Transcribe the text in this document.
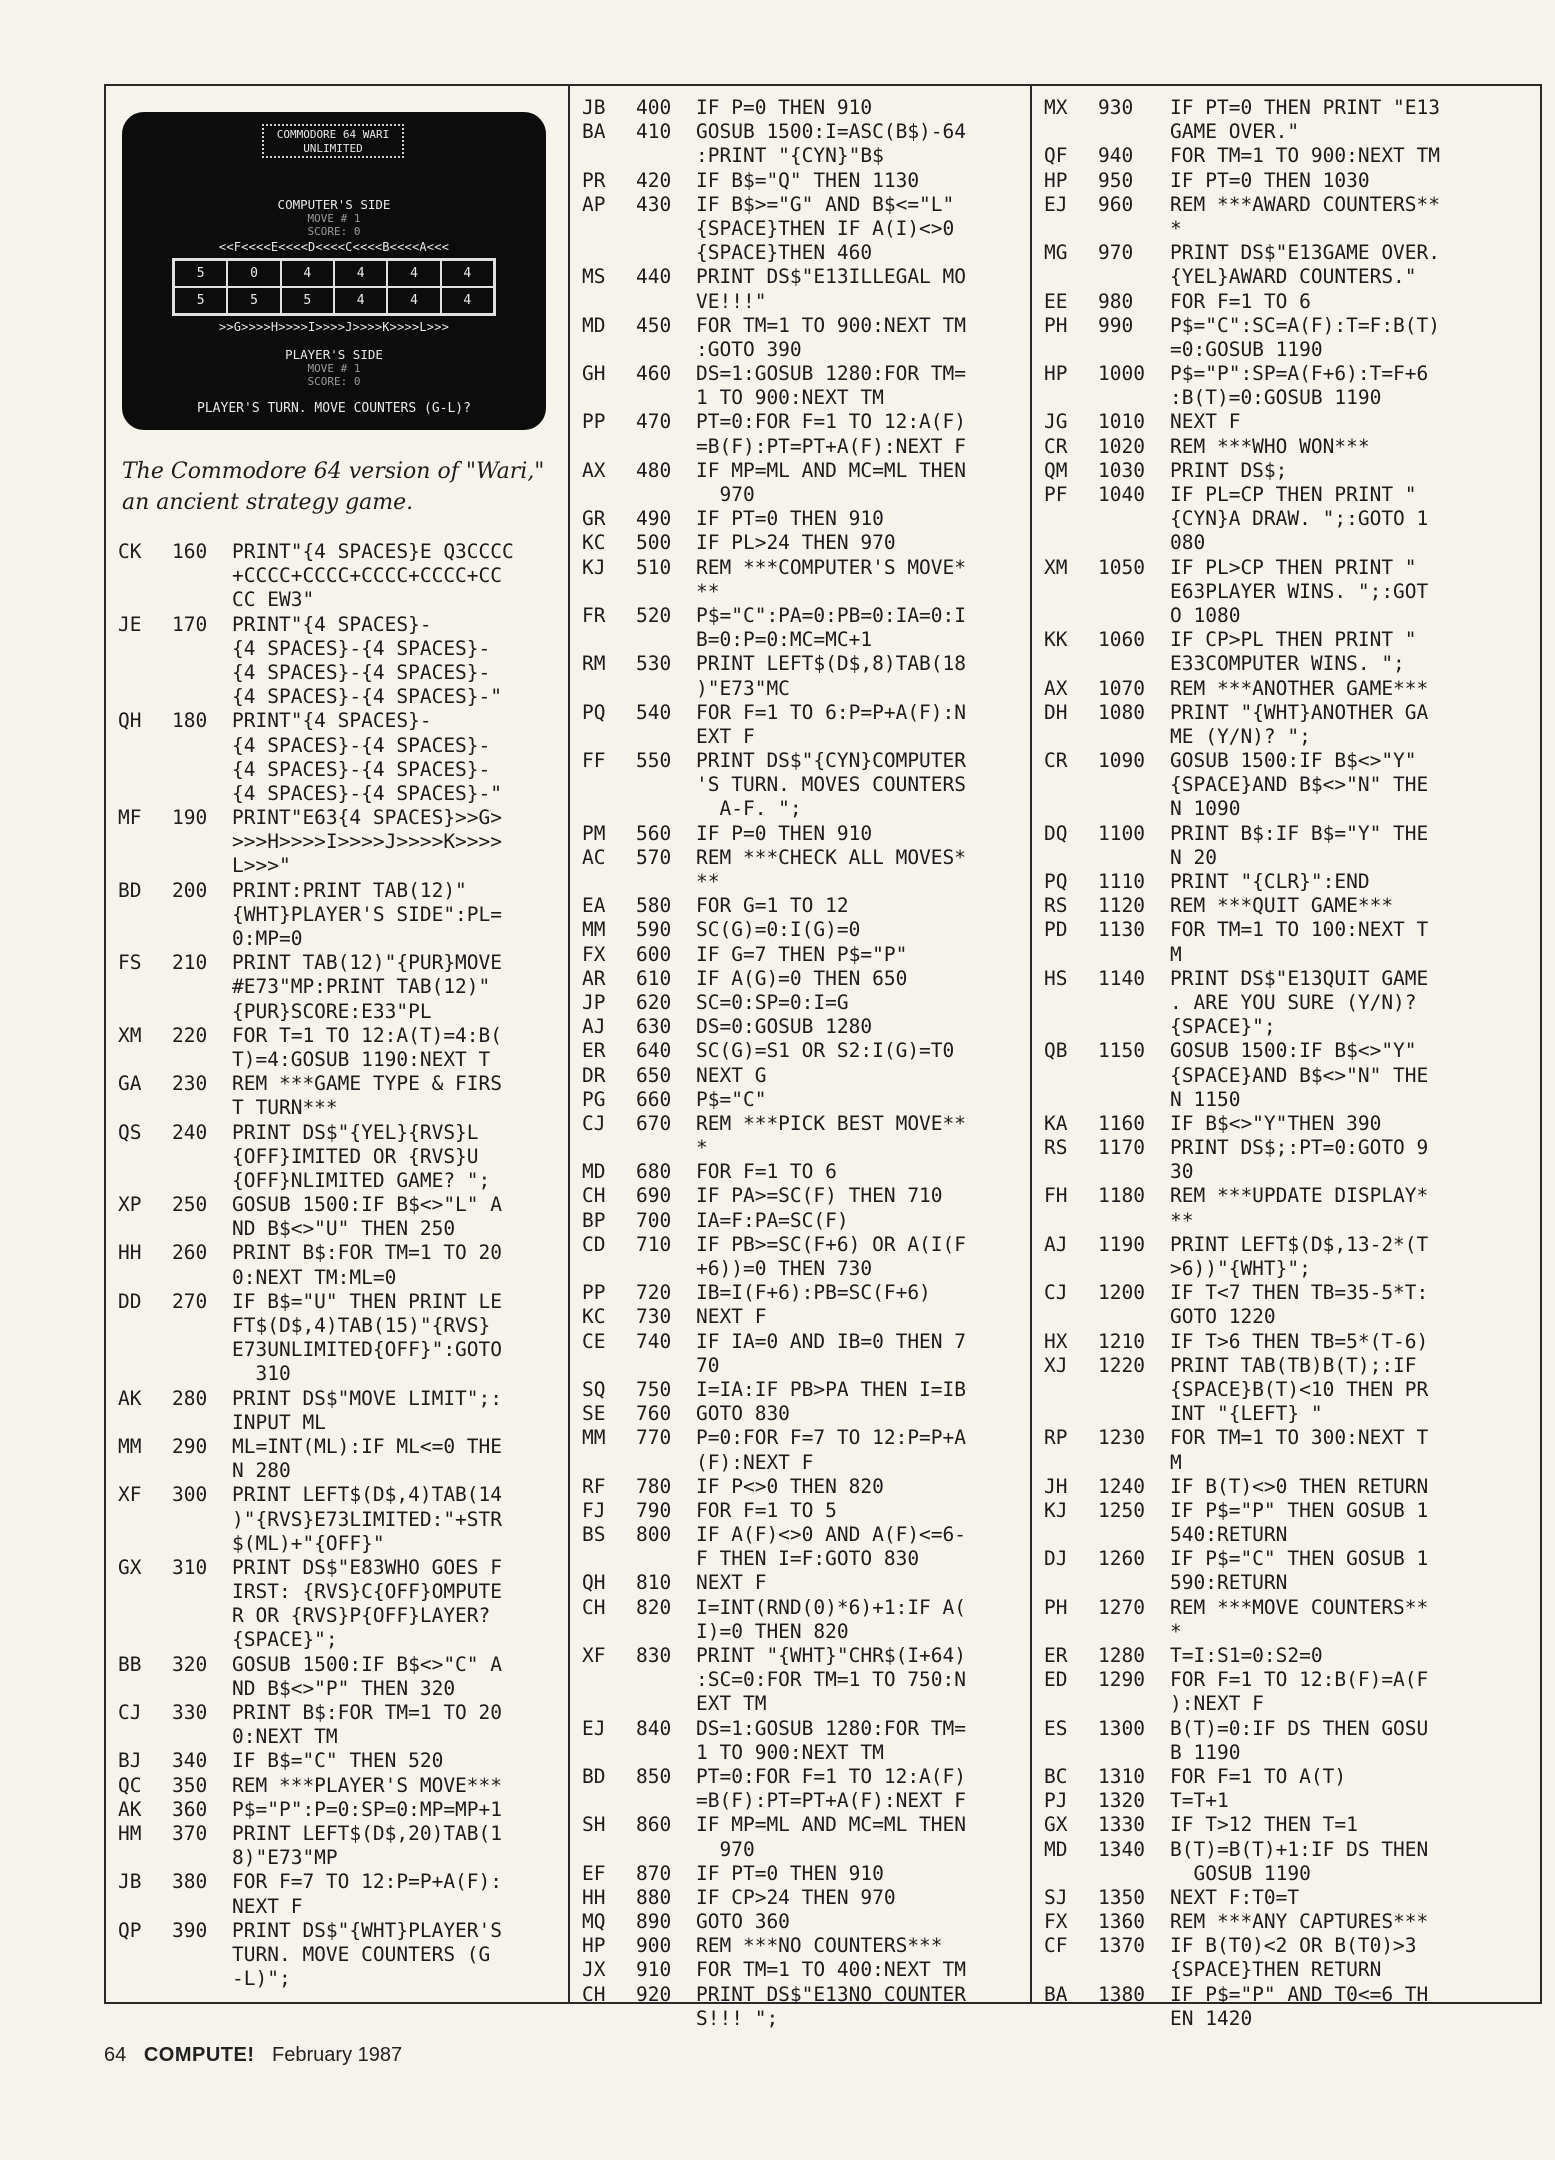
COMMODORE 64 WARI
UNLIMITED
COMPUTER'S SIDE
MOVE # 1
SCORE: 0
<<F<<<<E<<<<D<<<<C<<<<B<<<<A<<<
5	0	4	4	4	4
5	5	5	4	4	4
>>G>>>>H>>>>I>>>>J>>>>K>>>>L>>>
PLAYER'S SIDE
MOVE # 1
SCORE: 0
PLAYER'S TURN. MOVE COUNTERS (G-L)?
The Commodore 64 version of "Wari," an ancient strategy game.
CK	160	PRINT"{4 SPACES}E Q3CCCC
+CCCC+CCCC+CCCC+CCCC+CC
CC EW3"
JE	170	PRINT"{4 SPACES}-
{4 SPACES}-{4 SPACES}-
{4 SPACES}-{4 SPACES}-
{4 SPACES}-{4 SPACES}-"
QH	180	PRINT"{4 SPACES}-
{4 SPACES}-{4 SPACES}-
{4 SPACES}-{4 SPACES}-
{4 SPACES}-{4 SPACES}-"
MF	190	PRINT"E63{4 SPACES}>>G>
>>>H>>>>I>>>>J>>>>K>>>>
L>>>"
BD	200	PRINT:PRINT TAB(12)"
{WHT}PLAYER'S SIDE":PL=
0:MP=0
FS	210	PRINT TAB(12)"{PUR}MOVE
#E73"MP:PRINT TAB(12)"
{PUR}SCORE:E33"PL
XM	220	FOR T=1 TO 12:A(T)=4:B(
T)=4:GOSUB 1190:NEXT T
GA	230	REM ***GAME TYPE & FIRS
T TURN***
QS	240	PRINT DS$"{YEL}{RVS}L
{OFF}IMITED OR {RVS}U
{OFF}NLIMITED GAME? ";
XP	250	GOSUB 1500:IF B$<>"L" A
ND B$<>"U" THEN 250
HH	260	PRINT B$:FOR TM=1 TO 20
0:NEXT TM:ML=0
DD	270	IF B$="U" THEN PRINT LE
FT$(D$,4)TAB(15)"{RVS}
E73UNLIMITED{OFF}":GOTO
310
AK	280	PRINT DS$"MOVE LIMIT";:
INPUT ML
MM	290	ML=INT(ML):IF ML<=0 THE
N 280
XF	300	PRINT LEFT$(D$,4)TAB(14
)"{RVS}E73LIMITED:"+STR
$(ML)+"{OFF}"
GX	310	PRINT DS$"E83WHO GOES F
IRST: {RVS}C{OFF}OMPUTE
R OR {RVS}P{OFF}LAYER?
{SPACE}";
BB	320	GOSUB 1500:IF B$<>"C" A
ND B$<>"P" THEN 320
CJ	330	PRINT B$:FOR TM=1 TO 20
0:NEXT TM
BJ	340	IF B$="C" THEN 520
QC	350	REM ***PLAYER'S MOVE***
AK	360	P$="P":P=0:SP=0:MP=MP+1
HM	370	PRINT LEFT$(D$,20)TAB(1
8)"E73"MP
JB	380	FOR F=7 TO 12:P=P+A(F):
NEXT F
QP	390	PRINT DS$"{WHT}PLAYER'S
TURN. MOVE COUNTERS (G
-L)";
JB	400	IF P=0 THEN 910
BA	410	GOSUB 1500:I=ASC(B$)-64
:PRINT "{CYN}"B$
PR	420	IF B$="Q" THEN 1130
AP	430	IF B$>="G" AND B$<="L"
{SPACE}THEN IF A(I)<>0
{SPACE}THEN 460
MS	440	PRINT DS$"E13ILLEGAL MO
VE!!!"
MD	450	FOR TM=1 TO 900:NEXT TM
:GOTO 390
GH	460	DS=1:GOSUB 1280:FOR TM=
1 TO 900:NEXT TM
PP	470	PT=0:FOR F=1 TO 12:A(F)
=B(F):PT=PT+A(F):NEXT F
AX	480	IF MP=ML AND MC=ML THEN
970
GR	490	IF PT=0 THEN 910
KC	500	IF PL>24 THEN 970
KJ	510	REM ***COMPUTER'S MOVE*
**
FR	520	P$="C":PA=0:PB=0:IA=0:I
B=0:P=0:MC=MC+1
RM	530	PRINT LEFT$(D$,8)TAB(18
)"E73"MC
PQ	540	FOR F=1 TO 6:P=P+A(F):N
EXT F
FF	550	PRINT DS$"{CYN}COMPUTER
'S TURN. MOVES COUNTERS
A-F. ";
PM	560	IF P=0 THEN 910
AC	570	REM ***CHECK ALL MOVES*
**
EA	580	FOR G=1 TO 12
MM	590	SC(G)=0:I(G)=0
FX	600	IF G=7 THEN P$="P"
AR	610	IF A(G)=0 THEN 650
JP	620	SC=0:SP=0:I=G
AJ	630	DS=0:GOSUB 1280
ER	640	SC(G)=S1 OR S2:I(G)=T0
DR	650	NEXT G
PG	660	P$="C"
CJ	670	REM ***PICK BEST MOVE**
*
MD	680	FOR F=1 TO 6
CH	690	IF PA>=SC(F) THEN 710
BP	700	IA=F:PA=SC(F)
CD	710	IF PB>=SC(F+6) OR A(I(F
+6))=0 THEN 730
PP	720	IB=I(F+6):PB=SC(F+6)
KC	730	NEXT F
CE	740	IF IA=0 AND IB=0 THEN 7
70
SQ	750	I=IA:IF PB>PA THEN I=IB
SE	760	GOTO 830
MM	770	P=0:FOR F=7 TO 12:P=P+A
(F):NEXT F
RF	780	IF P<>0 THEN 820
FJ	790	FOR F=1 TO 5
BS	800	IF A(F)<>0 AND A(F)<=6-
F THEN I=F:GOTO 830
QH	810	NEXT F
CH	820	I=INT(RND(0)*6)+1:IF A(
I)=0 THEN 820
XF	830	PRINT "{WHT}"CHR$(I+64)
:SC=0:FOR TM=1 TO 750:N
EXT TM
EJ	840	DS=1:GOSUB 1280:FOR TM=
1 TO 900:NEXT TM
BD	850	PT=0:FOR F=1 TO 12:A(F)
=B(F):PT=PT+A(F):NEXT F
SH	860	IF MP=ML AND MC=ML THEN
970
EF	870	IF PT=0 THEN 910
HH	880	IF CP>24 THEN 970
MQ	890	GOTO 360
HP	900	REM ***NO COUNTERS***
JX	910	FOR TM=1 TO 400:NEXT TM
CH	920	PRINT DS$"E13NO COUNTER
S!!! ";
MX	930	IF PT=0 THEN PRINT "E13
GAME OVER."
QF	940	FOR TM=1 TO 900:NEXT TM
HP	950	IF PT=0 THEN 1030
EJ	960	REM ***AWARD COUNTERS**
*
MG	970	PRINT DS$"E13GAME OVER.
{YEL}AWARD COUNTERS."
EE	980	FOR F=1 TO 6
PH	990	P$="C":SC=A(F):T=F:B(T)
=0:GOSUB 1190
HP	1000	P$="P":SP=A(F+6):T=F+6
:B(T)=0:GOSUB 1190
JG	1010	NEXT F
CR	1020	REM ***WHO WON***
QM	1030	PRINT DS$;
PF	1040	IF PL=CP THEN PRINT "
{CYN}A DRAW. ";:GOTO 1
080
XM	1050	IF PL>CP THEN PRINT "
E63PLAYER WINS. ";:GOT
O 1080
KK	1060	IF CP>PL THEN PRINT "
E33COMPUTER WINS. ";
AX	1070	REM ***ANOTHER GAME***
DH	1080	PRINT "{WHT}ANOTHER GA
ME (Y/N)? ";
CR	1090	GOSUB 1500:IF B$<>"Y"
{SPACE}AND B$<>"N" THE
N 1090
DQ	1100	PRINT B$:IF B$="Y" THE
N 20
PQ	1110	PRINT "{CLR}":END
RS	1120	REM ***QUIT GAME***
PD	1130	FOR TM=1 TO 100:NEXT T
M
HS	1140	PRINT DS$"E13QUIT GAME
. ARE YOU SURE (Y/N)?
{SPACE}";
QB	1150	GOSUB 1500:IF B$<>"Y"
{SPACE}AND B$<>"N" THE
N 1150
KA	1160	IF B$<>"Y"THEN 390
RS	1170	PRINT DS$;:PT=0:GOTO 9
30
FH	1180	REM ***UPDATE DISPLAY*
**
AJ	1190	PRINT LEFT$(D$,13-2*(T
>6))"{WHT}";
CJ	1200	IF T<7 THEN TB=35-5*T:
GOTO 1220
HX	1210	IF T>6 THEN TB=5*(T-6)
XJ	1220	PRINT TAB(TB)B(T);:IF
{SPACE}B(T)<10 THEN PR
INT "{LEFT} "
RP	1230	FOR TM=1 TO 300:NEXT T
M
JH	1240	IF B(T)<>0 THEN RETURN
KJ	1250	IF P$="P" THEN GOSUB 1
540:RETURN
DJ	1260	IF P$="C" THEN GOSUB 1
590:RETURN
PH	1270	REM ***MOVE COUNTERS**
*
ER	1280	T=I:S1=0:S2=0
ED	1290	FOR F=1 TO 12:B(F)=A(F
):NEXT F
ES	1300	B(T)=0:IF DS THEN GOSU
B 1190
BC	1310	FOR F=1 TO A(T)
PJ	1320	T=T+1
GX	1330	IF T>12 THEN T=1
MD	1340	B(T)=B(T)+1:IF DS THEN
GOSUB 1190
SJ	1350	NEXT F:T0=T
FX	1360	REM ***ANY CAPTURES***
CF	1370	IF B(T0)<2 OR B(T0)>3
{SPACE}THEN RETURN
BA	1380	IF P$="P" AND T0<=6 TH
EN 1420
64 COMPUTE! February 1987
